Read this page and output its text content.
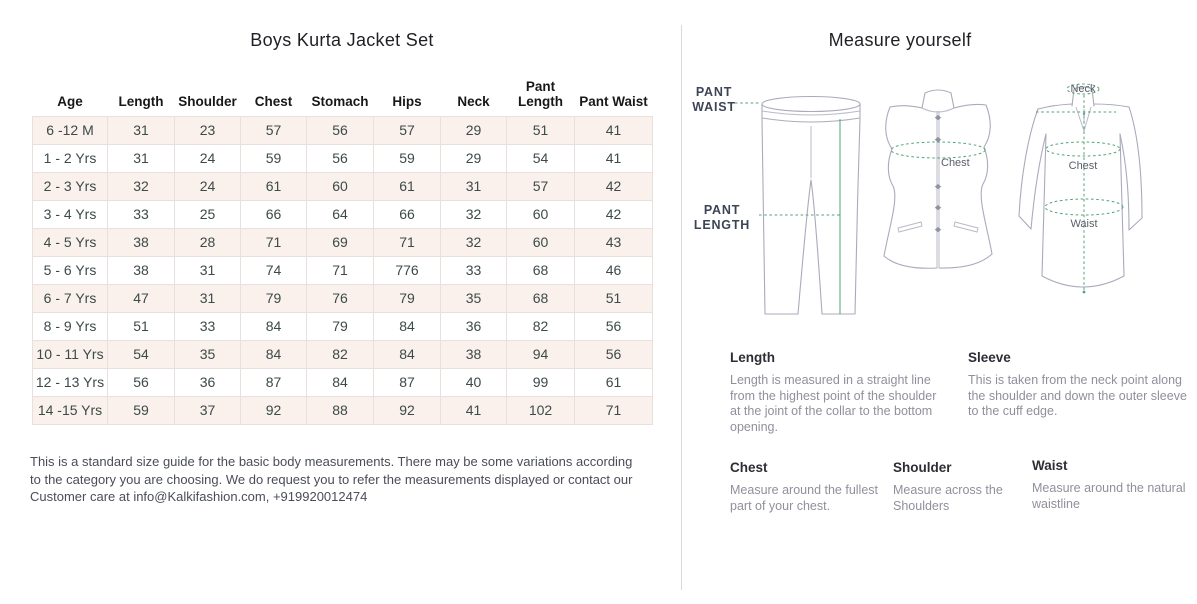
Boys Kurta Jacket Set
Age	Length	Shoulder	Chest	Stomach	Hips	Neck	Pant Length	Pant Waist
6 -12 M	31	23	57	56	57	29	51	41
1 - 2 Yrs	31	24	59	56	59	29	54	41
2 - 3 Yrs	32	24	61	60	61	31	57	42
3 - 4 Yrs	33	25	66	64	66	32	60	42
4 - 5 Yrs	38	28	71	69	71	32	60	43
5 - 6 Yrs	38	31	74	71	776	33	68	46
6 - 7 Yrs	47	31	79	76	79	35	68	51
8 - 9 Yrs	51	33	84	79	84	36	82	56
10 - 11 Yrs	54	35	84	82	84	38	94	56
12 - 13 Yrs	56	36	87	84	87	40	99	61
14 -15 Yrs	59	37	92	88	92	41	102	71

This is a standard size guide for the basic body measurements. There may be some variations according to the category you are choosing. We do request you to refer the measurements displayed or contact our Customer care at info@Kalkifashion.com, +919920012474

Measure yourself
PANT WAIST
PANT LENGTH
Chest
Neck
Chest
Waist
Length
Length is measured in a straight line from the highest point of the shoulder at the joint of the collar to the bottom opening.
Sleeve
This is taken from the neck point along the shoulder and down the outer sleeve to the cuff edge.
Chest
Measure around the fullest part of your chest.
Shoulder
Measure across the Shoulders
Waist
Measure around the natural waistline
